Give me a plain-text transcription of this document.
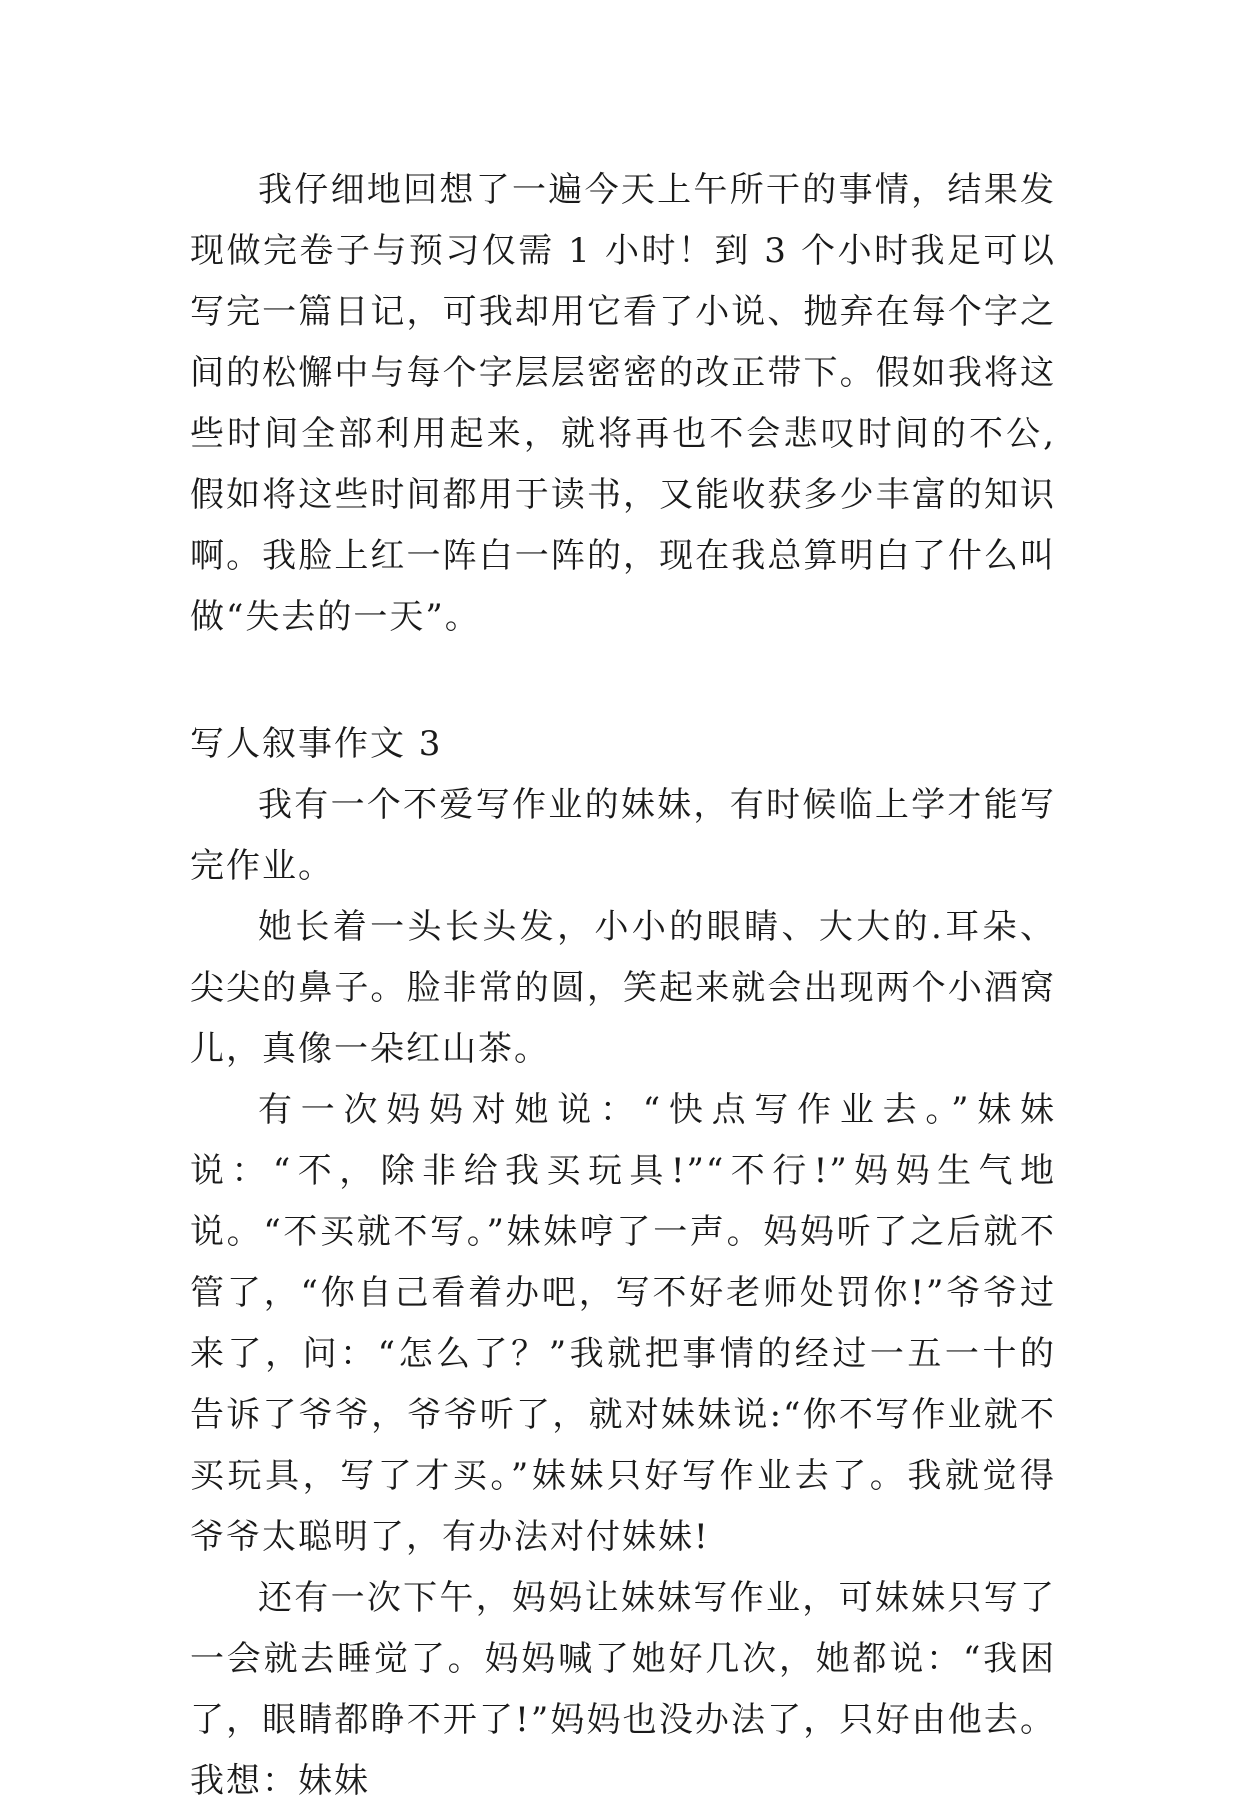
我仔细地回想了一遍今天上午所干的事情，结果发现做完卷子与预习仅需 1 小时！到 3 个小时我足可以写完一篇日记，可我却用它看了小说、抛弃在每个字之间的松懈中与每个字层层密密的改正带下。假如我将这些时间全部利用起来，就将再也不会悲叹时间的不公,假如将这些时间都用于读书，又能收获多少丰富的知识啊。我脸上红一阵白一阵的，现在我总算明白了什么叫做“失去的一天”。

写人叙事作文 3

我有一个不爱写作业的妹妹，有时候临上学才能写完作业。

她长着一头长头发，小小的眼睛、大大的.耳朵、尖尖的鼻子。脸非常的圆，笑起来就会出现两个小酒窝儿，真像一朵红山茶。

有一次妈妈对她说：“快点写作业去。”妹妹说：“不，除非给我买玩具!”“不行!”妈妈生气地说。“不买就不写。”妹妹哼了一声。妈妈听了之后就不管了，“你自己看着办吧，写不好老师处罚你!”爷爷过来了，问：“怎么了？”我就把事情的经过一五一十的告诉了爷爷，爷爷听了，就对妹妹说:“你不写作业就不买玩具，写了才买。”妹妹只好写作业去了。我就觉得爷爷太聪明了，有办法对付妹妹!

还有一次下午，妈妈让妹妹写作业，可妹妹只写了一会就去睡觉了。妈妈喊了她好几次，她都说：“我困了，眼睛都睁不开了!”妈妈也没办法了，只好由他去。我想：妹妹
